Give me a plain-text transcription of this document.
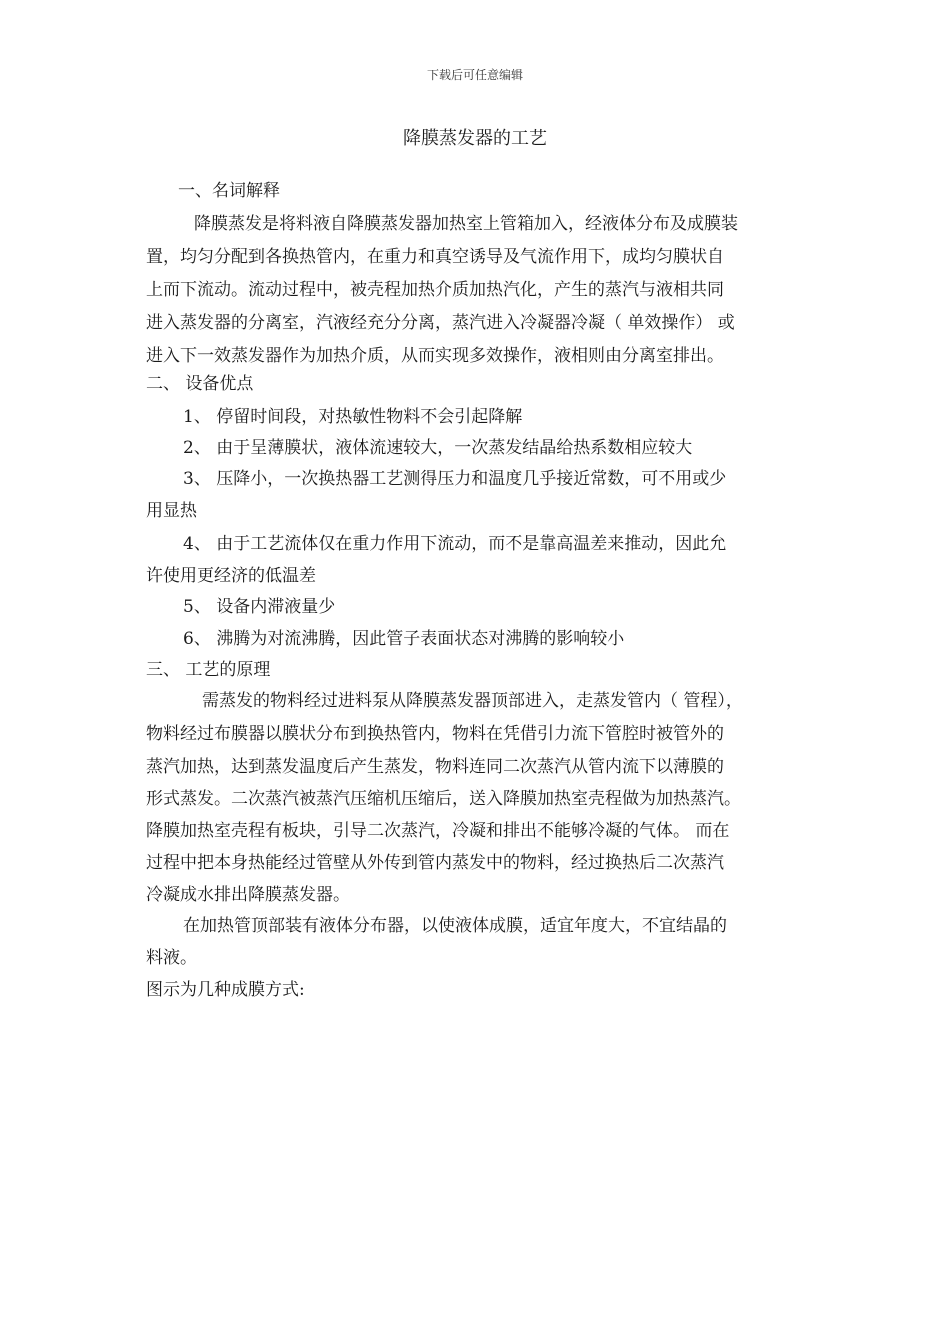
下载后可任意编辑
降膜蒸发器的工艺
一、名词解释
降膜蒸发是将料液自降膜蒸发器加热室上管箱加入，经液体分布及成膜装
置，均匀分配到各换热管内，在重力和真空诱导及气流作用下，成均匀膜状自
上而下流动。流动过程中，被壳程加热介质加热汽化，产生的蒸汽与液相共同
进入蒸发器的分离室，汽液经充分分离，蒸汽进入冷凝器冷凝（ 单效操作） 或
进入下一效蒸发器作为加热介质，从而实现多效操作，液相则由分离室排出。
二、 设备优点
1、 停留时间段，对热敏性物料不会引起降解
2、 由于呈薄膜状，液体流速较大，一次蒸发结晶给热系数相应较大
3、 压降小，一次换热器工艺测得压力和温度几乎接近常数，可不用或少
用显热
4、 由于工艺流体仅在重力作用下流动，而不是靠高温差来推动，因此允
许使用更经济的低温差
5、 设备内滞液量少
6、 沸腾为对流沸腾，因此管子表面状态对沸腾的影响较小
三、 工艺的原理
需蒸发的物料经过进料泵从降膜蒸发器顶部进入，走蒸发管内（ 管程），
物料经过布膜器以膜状分布到换热管内，物料在凭借引力流下管腔时被管外的
蒸汽加热，达到蒸发温度后产生蒸发，物料连同二次蒸汽从管内流下以薄膜的
形式蒸发。二次蒸汽被蒸汽压缩机压缩后，送入降膜加热室壳程做为加热蒸汽。
降膜加热室壳程有板块，引导二次蒸汽，冷凝和排出不能够冷凝的气体。 而在
过程中把本身热能经过管壁从外传到管内蒸发中的物料，经过换热后二次蒸汽
冷凝成水排出降膜蒸发器。
在加热管顶部装有液体分布器，以使液体成膜，适宜年度大，不宜结晶的
料液。
图示为几种成膜方式:
